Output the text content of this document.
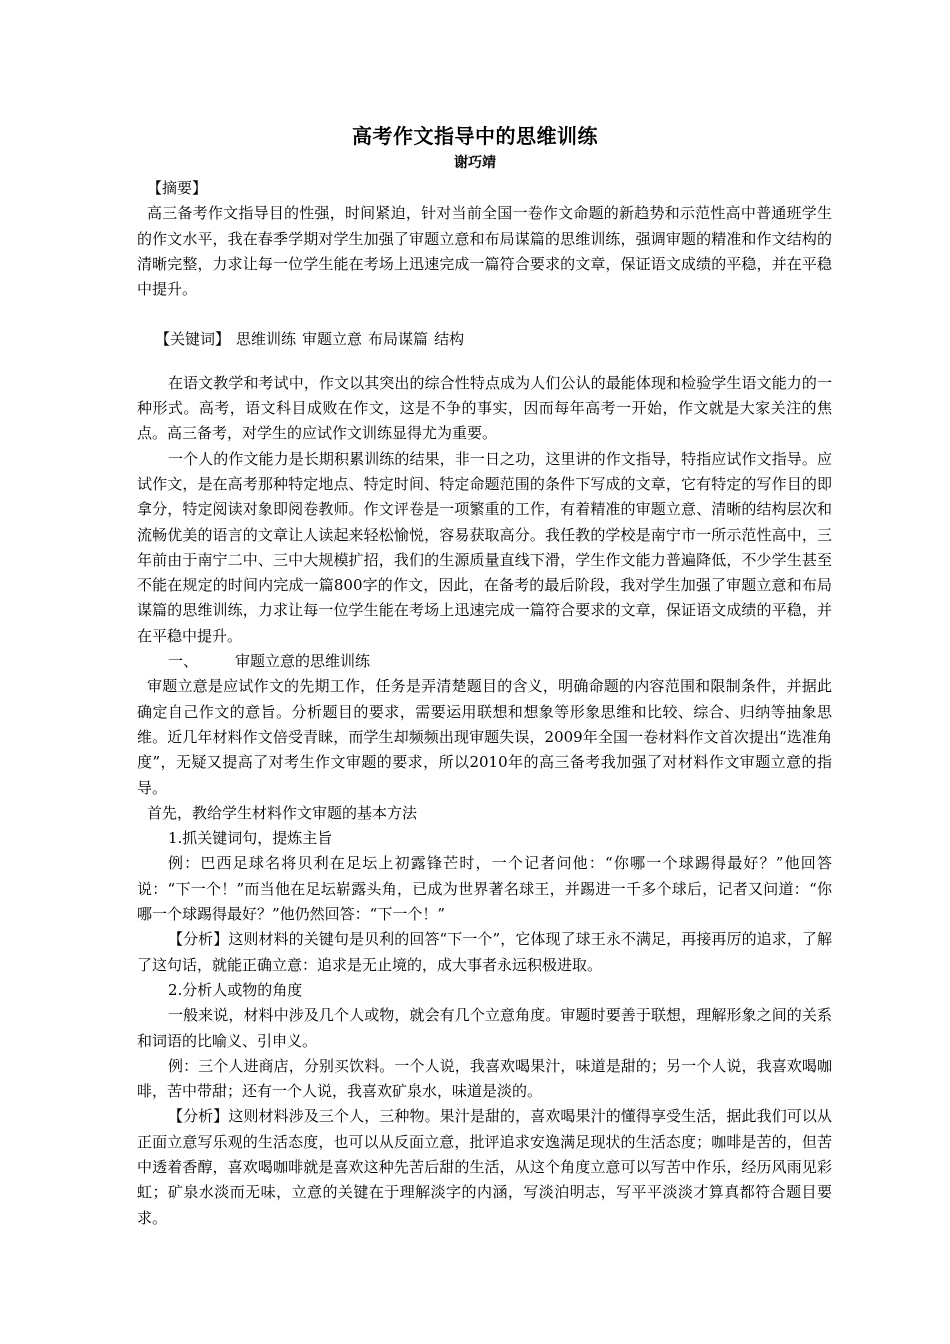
高考作文指导中的思维训练
谢巧靖

【摘要】

高三备考作文指导目的性强，时间紧迫，针对当前全国一卷作文命题的新趋势和示范性高中普通班学生的作文水平，我在春季学期对学生加强了审题立意和布局谋篇的思维训练，强调审题的精准和作文结构的清晰完整，力求让每一位学生能在考场上迅速完成一篇符合要求的文章，保证语文成绩的平稳，并在平稳中提升。

【关键词】 思维训练 审题立意 布局谋篇 结构

在语文教学和考试中，作文以其突出的综合性特点成为人们公认的最能体现和检验学生语文能力的一种形式。高考，语文科目成败在作文，这是不争的事实，因而每年高考一开始，作文就是大家关注的焦点。高三备考，对学生的应试作文训练显得尤为重要。

一个人的作文能力是长期积累训练的结果，非一日之功，这里讲的作文指导，特指应试作文指导。应试作文，是在高考那种特定地点、特定时间、特定命题范围的条件下写成的文章，它有特定的写作目的即拿分，特定阅读对象即阅卷教师。作文评卷是一项繁重的工作，有着精准的审题立意、清晰的结构层次和流畅优美的语言的文章让人读起来轻松愉悦，容易获取高分。我任教的学校是南宁市一所示范性高中，三年前由于南宁二中、三中大规模扩招，我们的生源质量直线下滑，学生作文能力普遍降低，不少学生甚至不能在规定的时间内完成一篇800字的作文，因此，在备考的最后阶段，我对学生加强了审题立意和布局谋篇的思维训练，力求让每一位学生能在考场上迅速完成一篇符合要求的文章，保证语文成绩的平稳，并在平稳中提升。

一、 审题立意的思维训练

审题立意是应试作文的先期工作，任务是弄清楚题目的含义，明确命题的内容范围和限制条件，并据此确定自己作文的意旨。分析题目的要求，需要运用联想和想象等形象思维和比较、综合、归纳等抽象思维。近几年材料作文倍受青睐，而学生却频频出现审题失误，2009年全国一卷材料作文首次提出“选准角度”，无疑又提高了对考生作文审题的要求，所以2010年的高三备考我加强了对材料作文审题立意的指导。

首先，教给学生材料作文审题的基本方法

1.抓关键词句，提炼主旨

例：巴西足球名将贝利在足坛上初露锋芒时，一个记者问他：“你哪一个球踢得最好？”他回答说：“下一个！”而当他在足坛崭露头角，已成为世界著名球王，并踢进一千多个球后，记者又问道：“你哪一个球踢得最好？”他仍然回答：“下一个！”

【分析】这则材料的关键句是贝利的回答“下一个”，它体现了球王永不满足，再接再厉的追求，了解了这句话，就能正确立意：追求是无止境的，成大事者永远积极进取。

2.分析人或物的角度

一般来说，材料中涉及几个人或物，就会有几个立意角度。审题时要善于联想，理解形象之间的关系和词语的比喻义、引申义。

例：三个人进商店，分别买饮料。一个人说，我喜欢喝果汁，味道是甜的；另一个人说，我喜欢喝咖啡，苦中带甜；还有一个人说，我喜欢矿泉水，味道是淡的。

【分析】这则材料涉及三个人，三种物。果汁是甜的，喜欢喝果汁的懂得享受生活，据此我们可以从正面立意写乐观的生活态度，也可以从反面立意，批评追求安逸满足现状的生活态度；咖啡是苦的，但苦中透着香醇，喜欢喝咖啡就是喜欢这种先苦后甜的生活，从这个角度立意可以写苦中作乐，经历风雨见彩虹；矿泉水淡而无味，立意的关键在于理解淡字的内涵，写淡泊明志，写平平淡淡才算真都符合题目要求。
